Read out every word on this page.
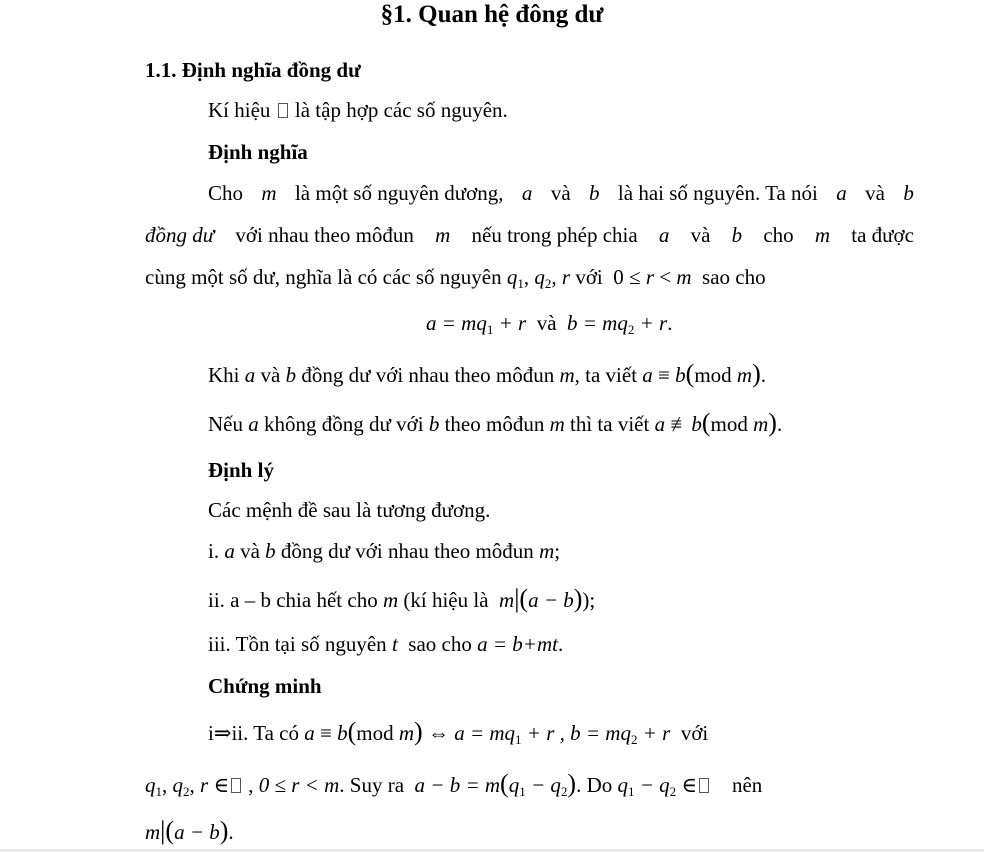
§1. Quan hệ đông dư
1.1. Định nghĩa đồng dư
Kí hiệu là tập hợp các số nguyên.
Định nghĩa
Cho m là một số nguyên dương, a và b là hai số nguyên. Ta nói a và b
đồng dư với nhau theo môđun m nếu trong phép chia a và b cho m ta được
cùng một số dư, nghĩa là có các số nguyên $q_1$, $q_2$, r với 0 ≤ r < m sao cho
$a = mq_1 + r$ và $b = mq_2 + r$.
Khi a và b đồng dư với nhau theo môđun m, ta viết a ≡ b(mod m).
Nếu a không đồng dư với b theo môđun m thì ta viết a ≢b(mod m).
Định lý
Các mệnh đề sau là tương đương.
i. a và b đồng dư với nhau theo môđun m;
ii. a – b chia hết cho m (kí hiệu là m|(a − b));
iii. Tồn tại số nguyên t sao cho a = b+mt.
Chứng minh
i⇒ii. Ta có a ≡ b(mod m) ⇔ $a = mq_1 + r$ , $b = mq_2 + r$ với
$q_1$, $q_2$, r ∈ , 0 ≤ r < m. Suy ra $a - b = m(q_1 - q_2)$. Do $q_1 - q_2$ ∈ nên
m|(a − b).
